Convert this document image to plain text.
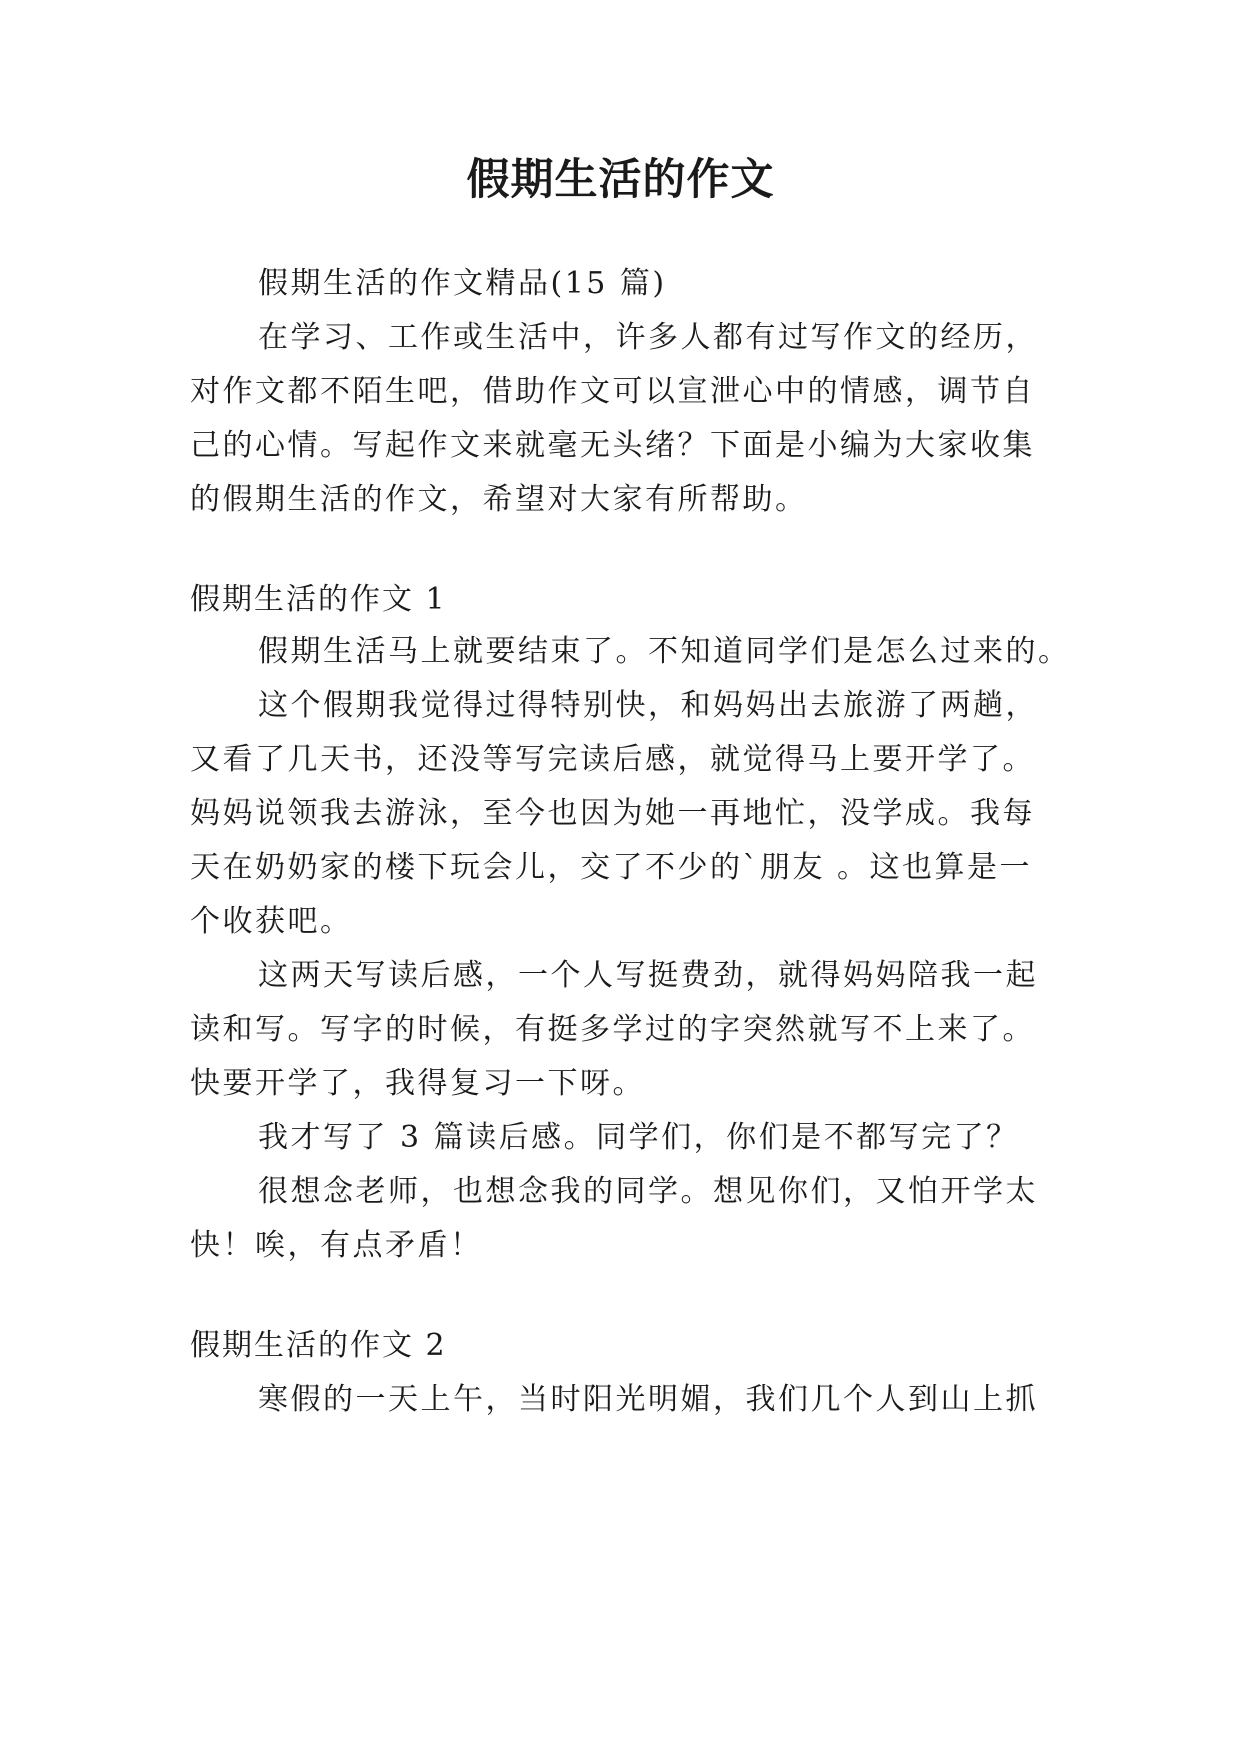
假期生活的作文
假期生活的作文精品(15 篇)
在学习、工作或生活中，许多人都有过写作文的经历，
对作文都不陌生吧，借助作文可以宣泄心中的情感，调节自
己的心情。写起作文来就毫无头绪？下面是小编为大家收集
的假期生活的作文，希望对大家有所帮助。
假期生活的作文 1
假期生活马上就要结束了。不知道同学们是怎么过来的。
这个假期我觉得过得特别快，和妈妈出去旅游了两趟，
又看了几天书，还没等写完读后感，就觉得马上要开学了。
妈妈说领我去游泳，至今也因为她一再地忙，没学成。我每
天在奶奶家的楼下玩会儿，交了不少的`朋友 。这也算是一
个收获吧。
这两天写读后感，一个人写挺费劲，就得妈妈陪我一起
读和写。写字的时候，有挺多学过的字突然就写不上来了。
快要开学了，我得复习一下呀。
我才写了 3 篇读后感。同学们，你们是不都写完了？
很想念老师，也想念我的同学。想见你们，又怕开学太
快！唉，有点矛盾！
假期生活的作文 2
寒假的一天上午，当时阳光明媚，我们几个人到山上抓
